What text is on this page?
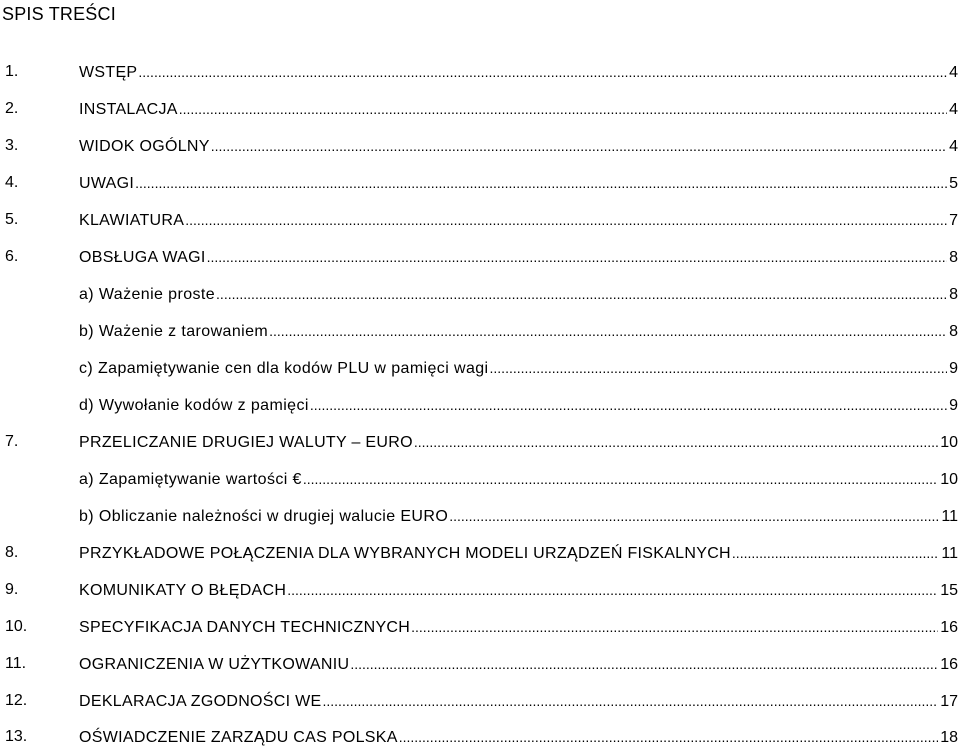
SPIS TREŚCI
1.	WSTĘP .....	4
2.	INSTALACJA .....	4
3.	WIDOK OGÓLNY .....	4
4.	UWAGI .....	5
5.	KLAWIATURA .....	7
6.	OBSŁUGA WAGI .....	8
a) Ważenie proste .....	8
b) Ważenie z tarowaniem .....	8
c) Zapamiętywanie cen dla kodów PLU w pamięci wagi .....	9
d) Wywołanie kodów z pamięci .....	9
7.	PRZELICZANIE DRUGIEJ WALUTY – EURO .....	10
a) Zapamiętywanie wartości € .....	10
b) Obliczanie należności w drugiej walucie EURO .....	11
8.	PRZYKŁADOWE POŁĄCZENIA DLA WYBRANYCH MODELI URZĄDZEŃ FISKALNYCH .....	11
9.	KOMUNIKATY O BŁĘDACH .....	15
10.	SPECYFIKACJA DANYCH TECHNICZNYCH .....	16
11.	OGRANICZENIA W UŻYTKOWANIU .....	16
12.	DEKLARACJA ZGODNOŚCI WE .....	17
13.	OŚWIADCZENIE ZARZĄDU CAS POLSKA .....	18
